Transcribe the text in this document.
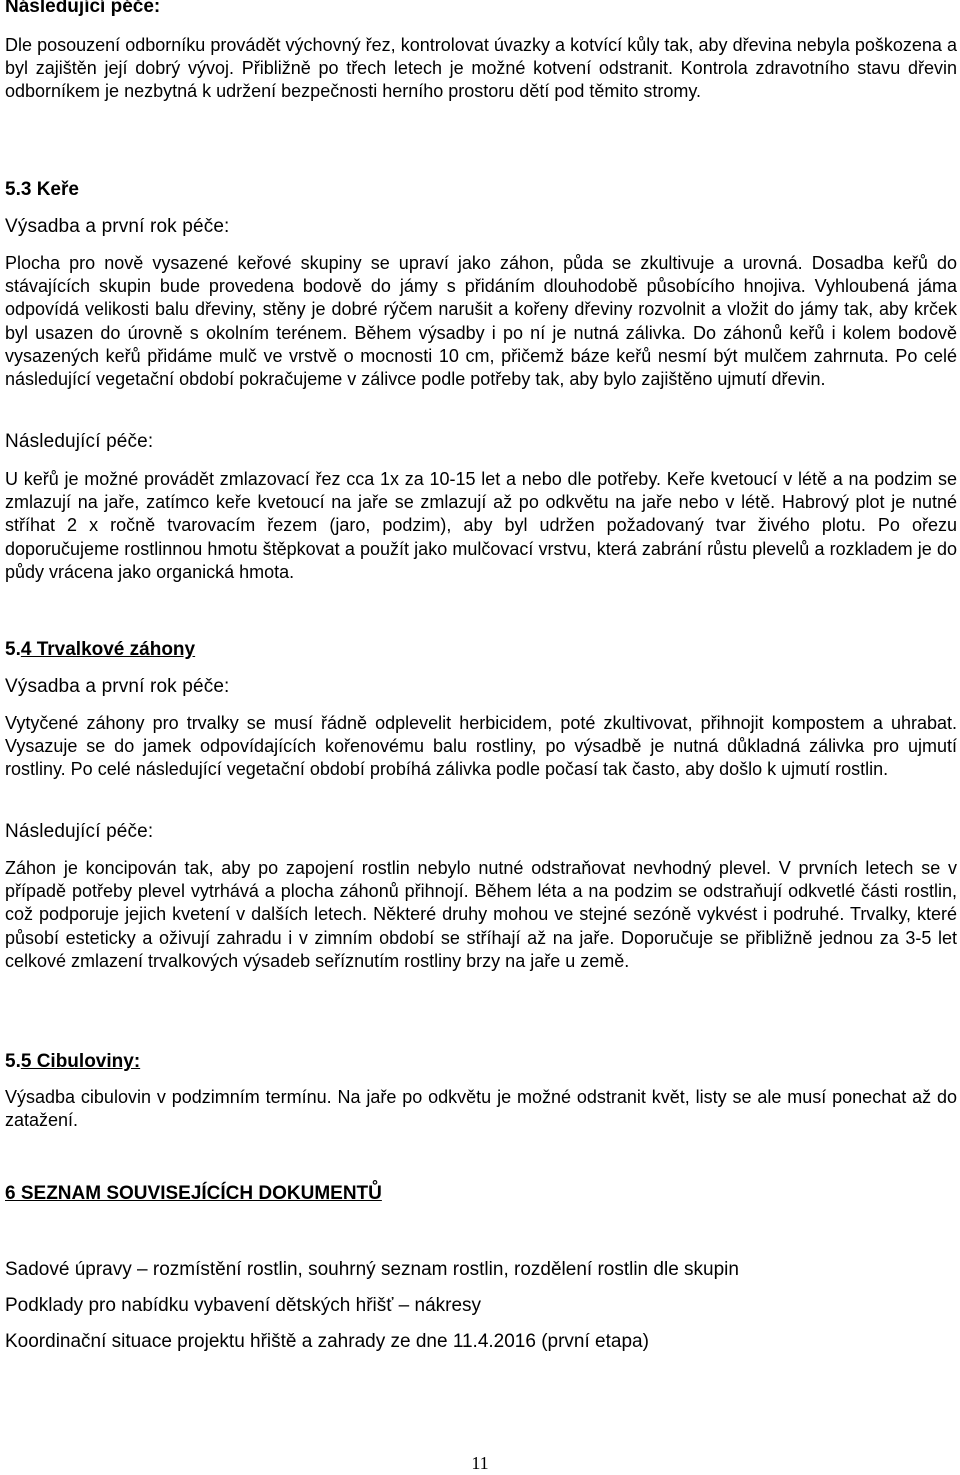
Následující péče:

Dle posouzení odborníku provádět výchovný řez, kontrolovat úvazky a kotvící kůly tak, aby dřevina nebyla poškozena a byl zajištěn její dobrý vývoj. Přibližně po třech letech je možné kotvení odstranit. Kontrola zdravotního stavu dřevin odborníkem je nezbytná k udržení bezpečnosti herního prostoru dětí pod těmito stromy.

5.3 Keře
Výsadba a první rok péče:

Plocha pro nově vysazené keřové skupiny se upraví jako záhon, půda se zkultivuje a urovná. Dosadba keřů do stávajících skupin bude provedena bodově do jámy s přidáním dlouhodobě působícího hnojiva. Vyhloubená jáma odpovídá velikosti balu dřeviny, stěny je dobré rýčem narušit a kořeny dřeviny rozvolnit a vložit do jámy tak, aby krček byl usazen do úrovně s okolním terénem. Během výsadby i po ní je nutná zálivka. Do záhonů keřů i kolem bodově vysazených keřů přidáme mulč ve vrstvě o mocnosti 10 cm, přičemž báze keřů nesmí být mulčem zahrnuta. Po celé následující vegetační období pokračujeme v zálivce podle potřeby tak, aby bylo zajištěno ujmutí dřevin.

Následující péče:

U keřů je možné provádět zmlazovací řez cca 1x za 10-15 let a nebo dle potřeby. Keře kvetoucí v létě a na podzim se zmlazují na jaře, zatímco keře kvetoucí na jaře se zmlazují až po odkvětu na jaře nebo v létě. Habrový plot je nutné stříhat 2 x ročně tvarovacím řezem (jaro, podzim), aby byl udržen požadovaný tvar živého plotu. Po ořezu doporučujeme rostlinnou hmotu štěpkovat a použít jako mulčovací vrstvu, která zabrání růstu plevelů a rozkladem je do půdy vrácena jako organická hmota.

5.4 Trvalkové záhony
Výsadba a první rok péče:

Vytyčené záhony pro trvalky se musí řádně odplevelit herbicidem, poté zkultivovat, přihnojit kompostem a uhrabat. Vysazuje se do jamek odpovídajících kořenovému balu rostliny, po výsadbě je nutná důkladná zálivka pro ujmutí rostliny. Po celé následující vegetační období probíhá zálivka podle počasí tak často, aby došlo k ujmutí rostlin.

Následující péče:

Záhon je koncipován tak, aby po zapojení rostlin nebylo nutné odstraňovat nevhodný plevel. V prvních letech se v případě potřeby plevel vytrhává a plocha záhonů přihnojí. Během léta a na podzim se odstraňují odkvetlé části rostlin, což podporuje jejich kvetení v dalších letech. Některé druhy mohou ve stejné sezóně vykvést i podruhé. Trvalky, které působí esteticky a oživují zahradu i v zimním období se stříhají až na jaře. Doporučuje se přibližně jednou za 3-5 let celkové zmlazení trvalkových výsadeb seříznutím rostliny brzy na jaře u země.

5.5 Cibuloviny:

Výsadba cibulovin v podzimním termínu. Na jaře po odkvětu je možné odstranit květ, listy se ale musí ponechat až do zatažení.

6 SEZNAM SOUVISEJÍCÍCH DOKUMENTŮ
Sadové úpravy – rozmístění rostlin, souhrný seznam rostlin, rozdělení rostlin dle skupin
Podklady pro nabídku vybavení dětských hřišť – nákresy
Koordinační situace projektu hřiště a zahrady ze dne 11.4.2016 (první etapa)
11
